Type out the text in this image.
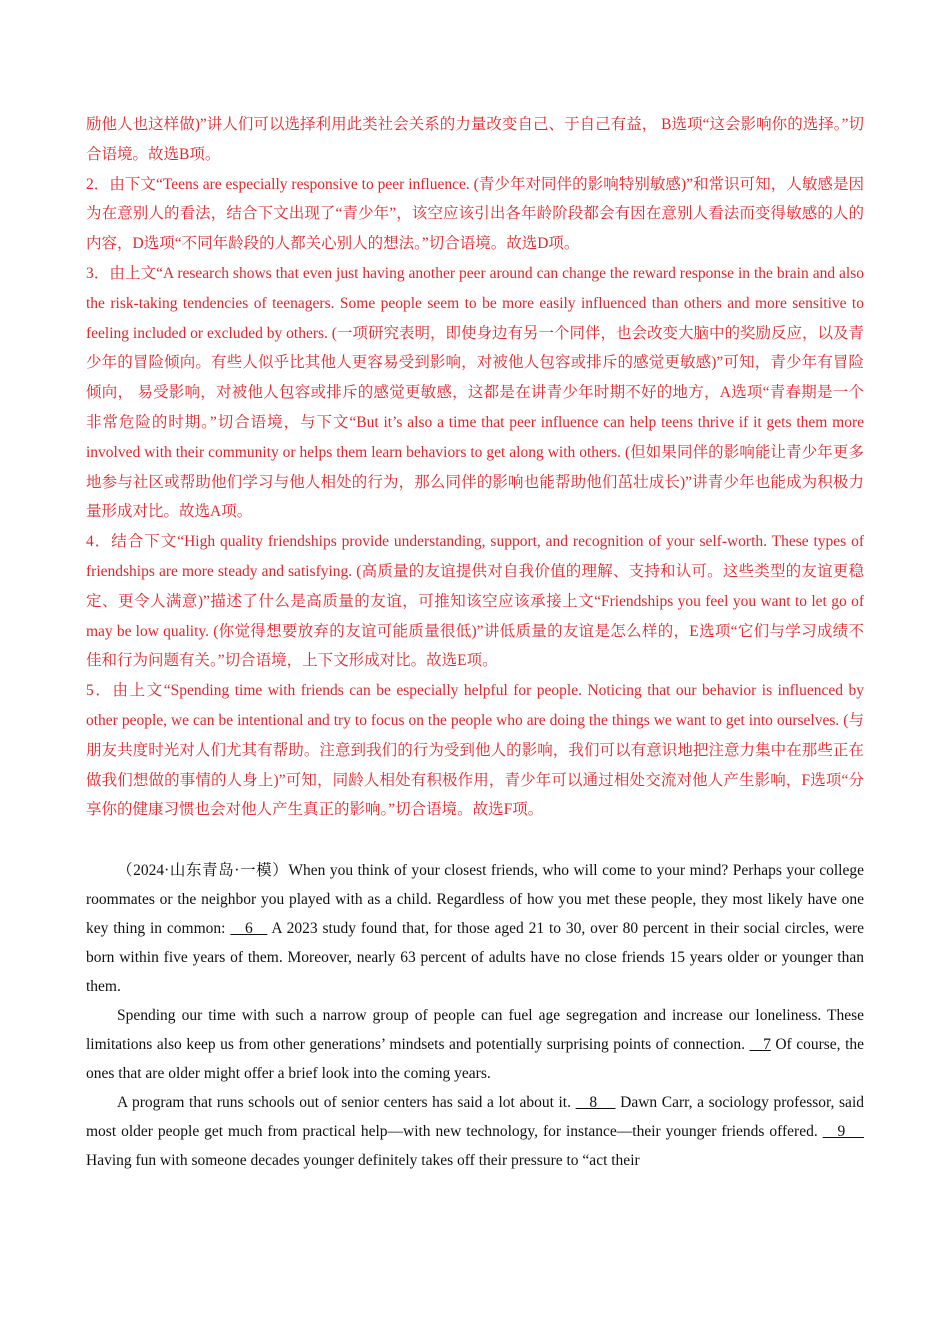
励他人也这样做)”讲人们可以选择利用此类社会关系的力量改变自己、于自己有益， B选项“这会影响你的选择。”切合语境。故选B项。

2．由下文“Teens are especially responsive to peer influence. (青少年对同伴的影响特别敏感)”和常识可知，人敏感是因为在意别人的看法，结合下文出现了“青少年”，该空应该引出各年龄阶段都会有因在意别人看法而变得敏感的人的内容，D选项“不同年龄段的人都关心别人的想法。”切合语境。故选D项。

3．由上文“A research shows that even just having another peer around can change the reward response in the brain and also the risk-taking tendencies of teenagers. Some people seem to be more easily influenced than others and more sensitive to feeling included or excluded by others. (一项研究表明，即使身边有另一个同伴，也会改变大脑中的奖励反应，以及青少年的冒险倾向。有些人似乎比其他人更容易受到影响，对被他人包容或排斥的感觉更敏感)”可知，青少年有冒险倾向， 易受影响，对被他人包容或排斥的感觉更敏感，这都是在讲青少年时期不好的地方，A选项“青春期是一个非常危险的时期。”切合语境，与下文“But it’s also a time that peer influence can help teens thrive if it gets them more involved with their community or helps them learn behaviors to get along with others. (但如果同伴的影响能让青少年更多地参与社区或帮助他们学习与他人相处的行为，那么同伴的影响也能帮助他们茁壮成长)”讲青少年也能成为积极力量形成对比。故选A项。

4．结合下文“High quality friendships provide understanding, support, and recognition of your self-worth. These types of friendships are more steady and satisfying. (高质量的友谊提供对自我价值的理解、支持和认可。这些类型的友谊更稳定、更令人满意)”描述了什么是高质量的友谊，可推知该空应该承接上文“Friendships you feel you want to let go of may be low quality. (你觉得想要放弃的友谊可能质量很低)”讲低质量的友谊是怎么样的，E选项“它们与学习成绩不佳和行为问题有关。”切合语境，上下文形成对比。故选E项。

5．由上文“Spending time with friends can be especially helpful for people. Noticing that our behavior is influenced by other people, we can be intentional and try to focus on the people who are doing the things we want to get into ourselves. (与朋友共度时光对人们尤其有帮助。注意到我们的行为受到他人的影响，我们可以有意识地把注意力集中在那些正在做我们想做的事情的人身上)”可知，同龄人相处有积极作用，青少年可以通过相处交流对他人产生影响，F选项“分享你的健康习惯也会对他人产生真正的影响。”切合语境。故选F项。

（2024·山东青岛·一模）When you think of your closest friends, who will come to your mind? Perhaps your college roommates or the neighbor you played with as a child. Regardless of how you met these people, they most likely have one key thing in common:    6    A 2023 study found that, for those aged 21 to 30, over 80 percent in their social circles, were born within five years of them. Moreover, nearly 63 percent of adults have no close friends 15 years older or younger than them.

Spending our time with such a narrow group of people can fuel age segregation and increase our loneliness. These limitations also keep us from other generations’ mindsets and potentially surprising points of connection.    7 Of course, the ones that are older might offer a brief look into the coming years.

A program that runs schools out of senior centers has said a lot about it.    8     Dawn Carr, a sociology professor, said most older people get much from practical help—with new technology, for instance—their younger friends offered.    9     Having fun with someone decades younger definitely takes off their pressure to “act their
